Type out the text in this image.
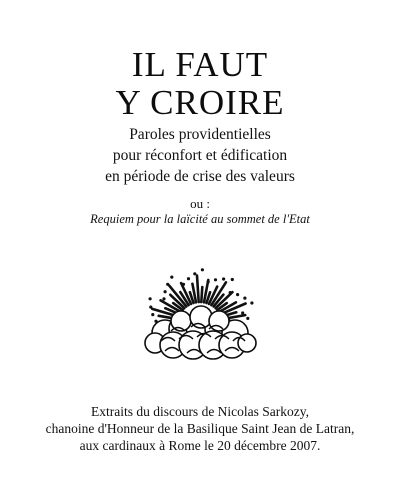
IL FAUT
Y CROIRE
Paroles providentielles
pour réconfort et édification
en période de crise des valeurs
ou :
Requiem pour la laïcité au sommet de l'Etat
Extraits du discours de Nicolas Sarkozy,
chanoine d'Honneur de la Basilique Saint Jean de Latran,
aux cardinaux à Rome le 20 décembre 2007.
